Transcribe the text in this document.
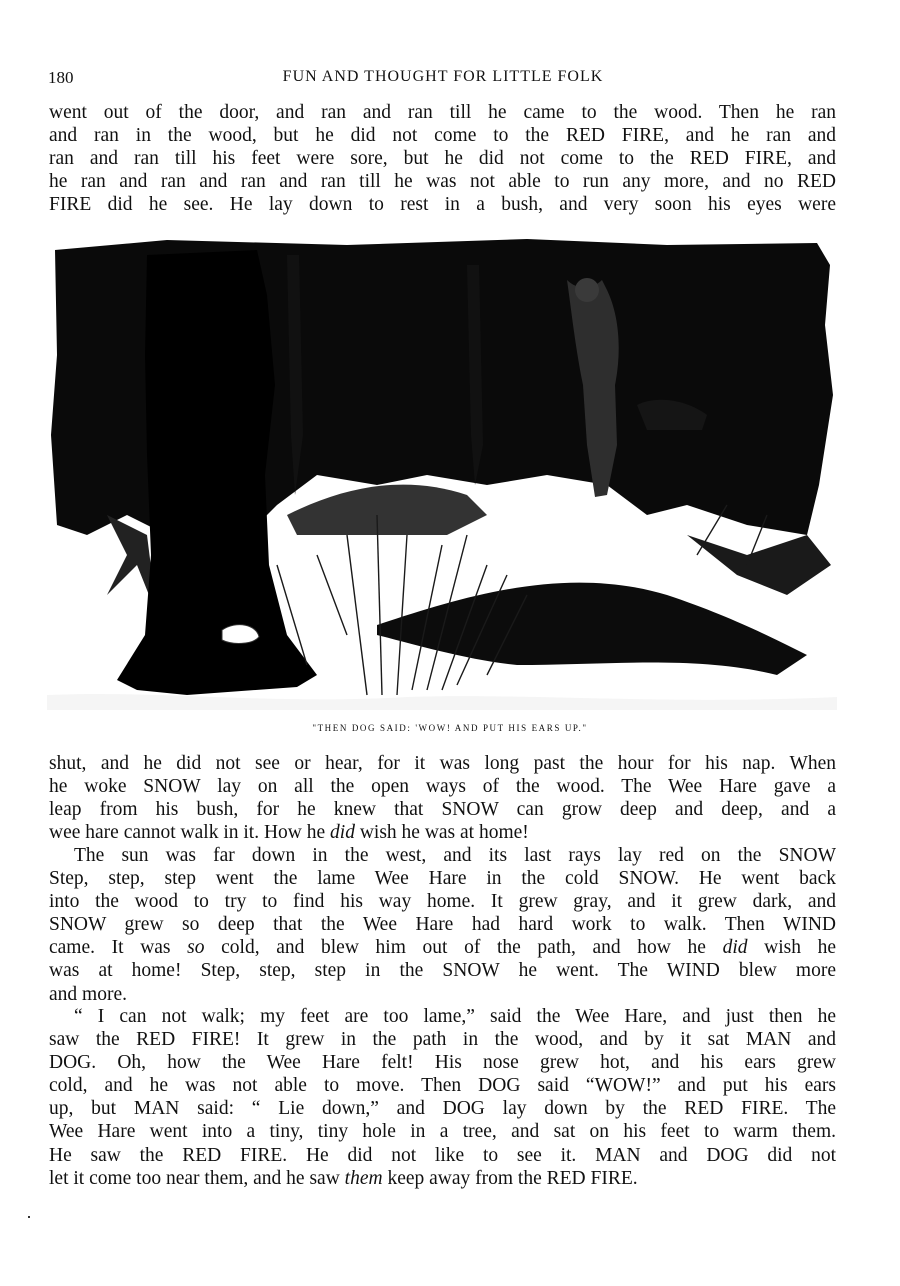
180	FUN AND THOUGHT FOR LITTLE FOLK
went out of the door, and ran and ran till he came to the wood. Then he ran
and ran in the wood, but he did not come to the RED FIRE, and he ran and
ran and ran till his feet were sore, but he did not come to the RED FIRE, and
he ran and ran and ran and ran till he was not able to run any more, and no RED
FIRE did he see. He lay down to rest in a bush, and very soon his eyes were
"THEN DOG SAID: 'WOW! AND PUT HIS EARS UP."
shut, and he did not see or hear, for it was long past the hour for his nap. When
he woke SNOW lay on all the open ways of the wood. The Wee Hare gave a
leap from his bush, for he knew that SNOW can grow deep and deep, and a
wee hare cannot walk in it. How he did wish he was at home!
The sun was far down in the west, and its last rays lay red on the SNOW
Step, step, step went the lame Wee Hare in the cold SNOW. He went back
into the wood to try to find his way home. It grew gray, and it grew dark, and
SNOW grew so deep that the Wee Hare had hard work to walk. Then WIND
came. It was so cold, and blew him out of the path, and how he did wish he
was at home! Step, step, step in the SNOW he went. The WIND blew more
and more.
“ I can not walk; my feet are too lame,” said the Wee Hare, and just then he
saw the RED FIRE! It grew in the path in the wood, and by it sat MAN and
DOG. Oh, how the Wee Hare felt! His nose grew hot, and his ears grew
cold, and he was not able to move. Then DOG said “WOW!” and put his ears
up, but MAN said: “ Lie down,” and DOG lay down by the RED FIRE. The
Wee Hare went into a tiny, tiny hole in a tree, and sat on his feet to warm them.
He saw the RED FIRE. He did not like to see it. MAN and DOG did not
let it come too near them, and he saw them keep away from the RED FIRE.
